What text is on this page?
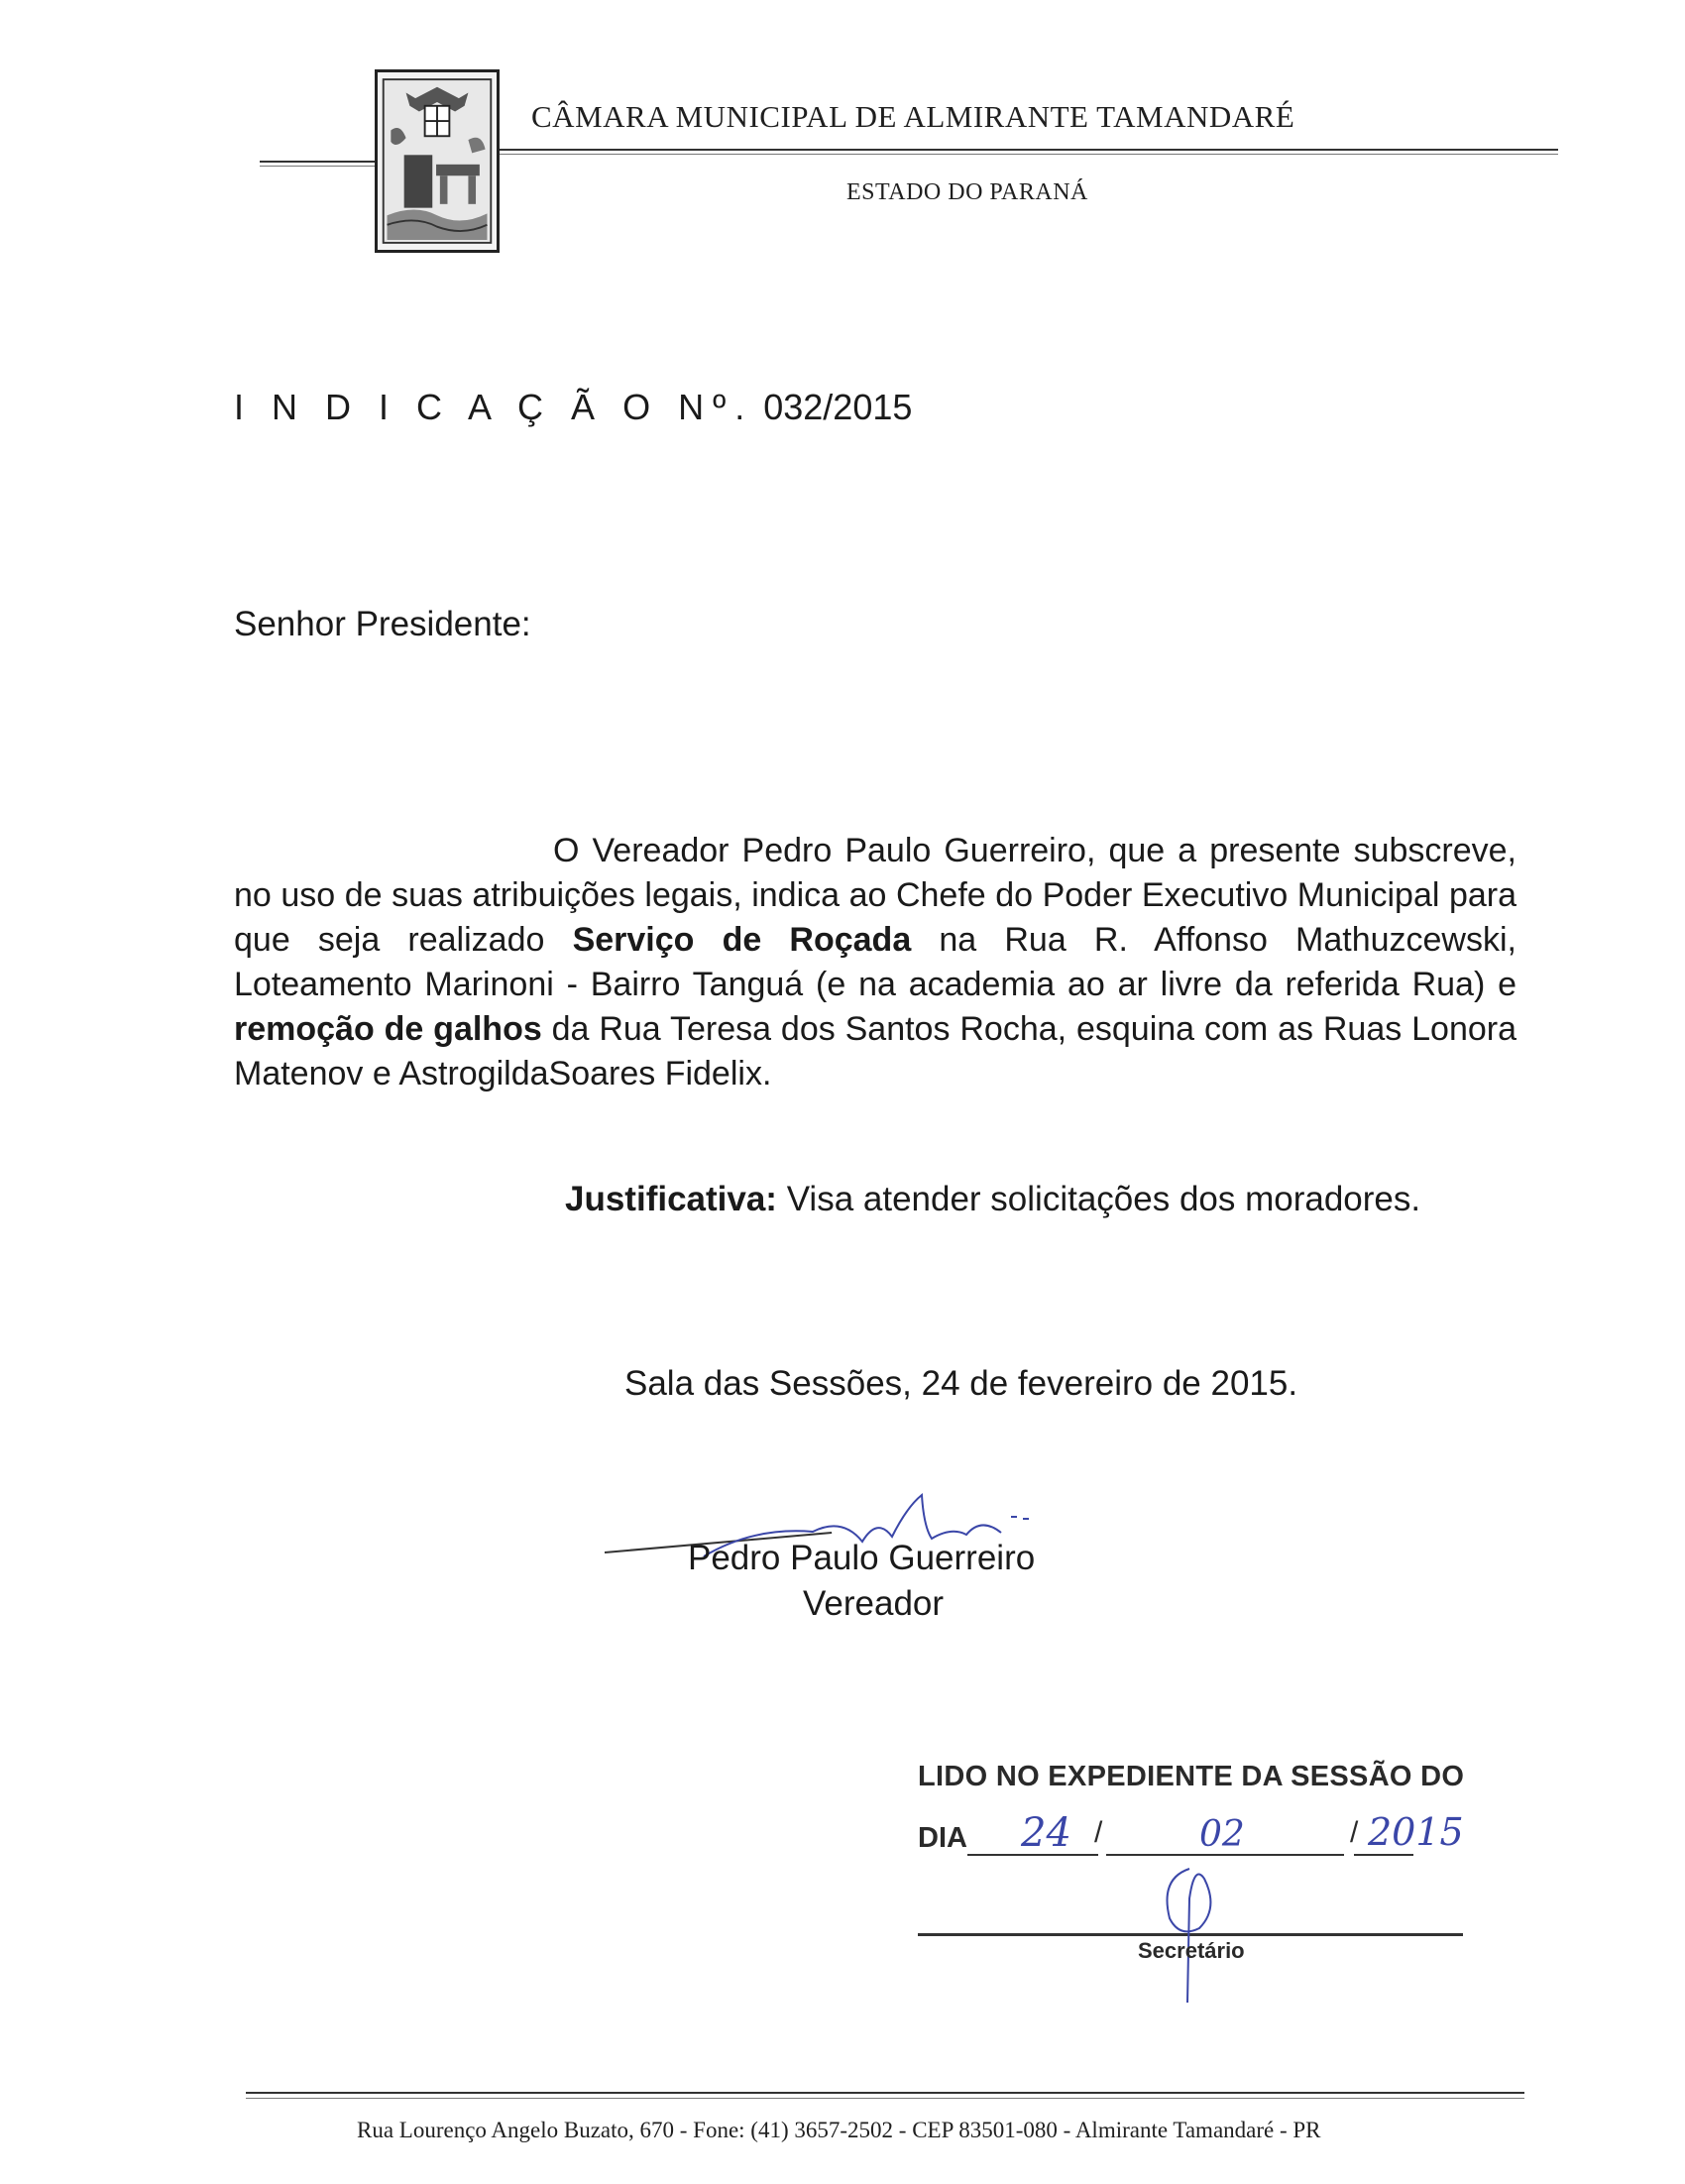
CÂMARA MUNICIPAL DE ALMIRANTE TAMANDARÉ
ESTADO DO PARANÁ
I N D I C A Ç Ã O Nº. 032/2015
Senhor Presidente:
O Vereador Pedro Paulo Guerreiro, que a presente subscreve, no uso de suas atribuições legais, indica ao Chefe do Poder Executivo Municipal para que seja realizado Serviço de Roçada na Rua R. Affonso Mathuzcewski, Loteamento Marinoni - Bairro Tanguá (e na academia ao ar livre da referida Rua) e remoção de galhos da Rua Teresa dos Santos Rocha, esquina com as Ruas Lonora Matenov e AstrogildaSoares Fidelix.
Justificativa: Visa atender solicitações dos moradores.
Sala das Sessões, 24 de fevereiro de 2015.
Pedro Paulo Guerreiro
Vereador
LIDO NO EXPEDIENTE DA SESSÃO DO
DIA	/	/
24	02	2015
Secretário
Rua Lourenço Angelo Buzato, 670 - Fone: (41) 3657-2502 - CEP 83501-080 - Almirante Tamandaré - PR
